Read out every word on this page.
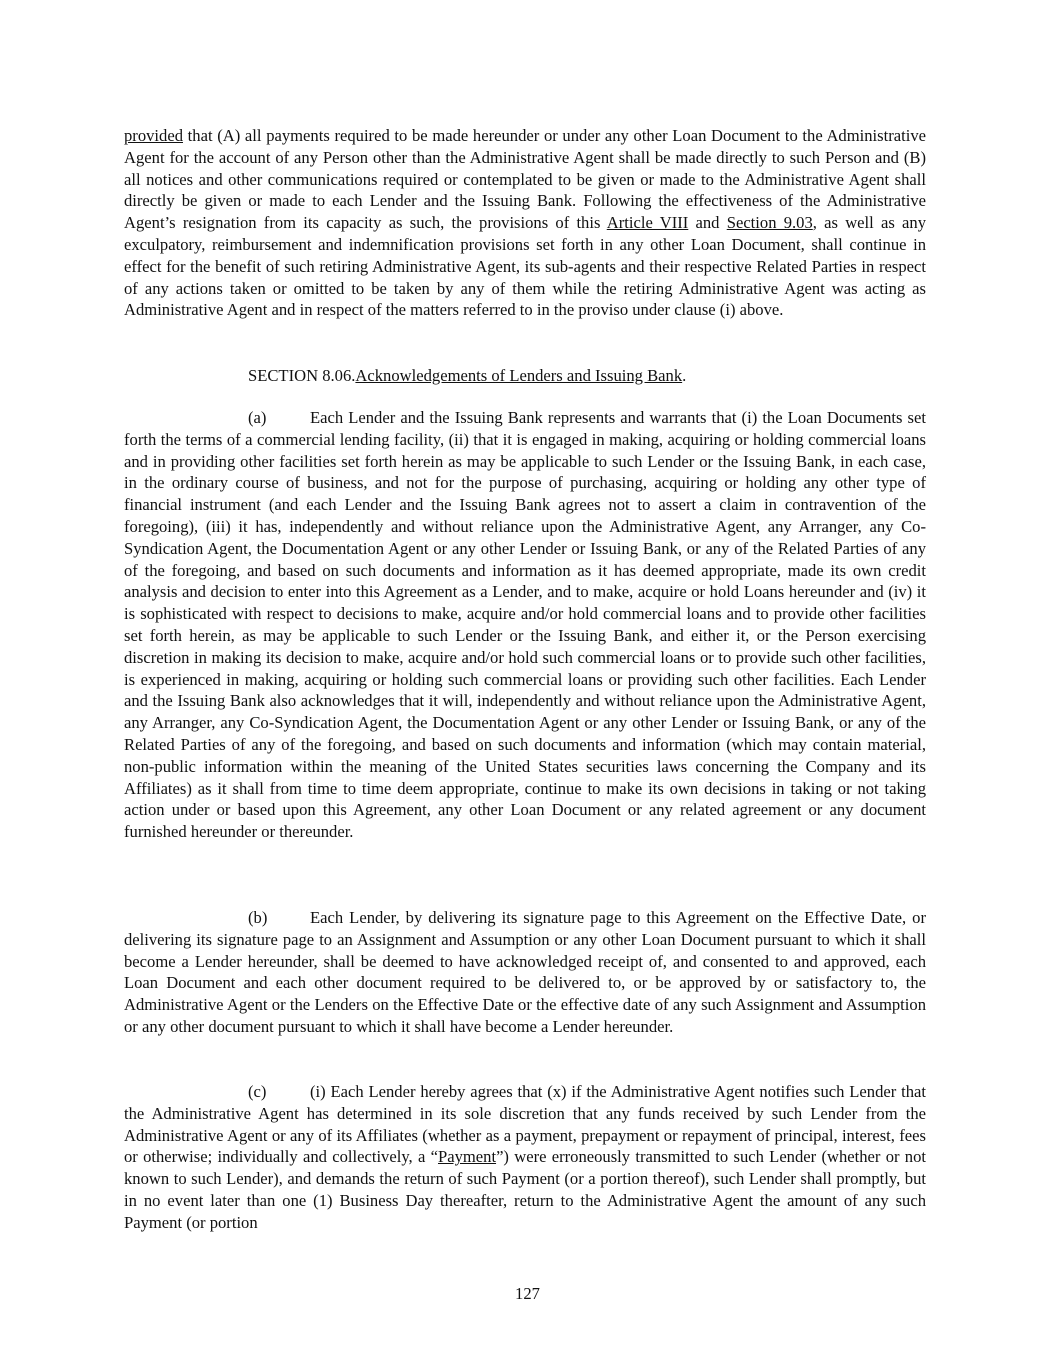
provided that (A) all payments required to be made hereunder or under any other Loan Document to the Administrative Agent for the account of any Person other than the Administrative Agent shall be made directly to such Person and (B) all notices and other communications required or contemplated to be given or made to the Administrative Agent shall directly be given or made to each Lender and the Issuing Bank. Following the effectiveness of the Administrative Agent’s resignation from its capacity as such, the provisions of this Article VIII and Section 9.03, as well as any exculpatory, reimbursement and indemnification provisions set forth in any other Loan Document, shall continue in effect for the benefit of such retiring Administrative Agent, its sub-agents and their respective Related Parties in respect of any actions taken or omitted to be taken by any of them while the retiring Administrative Agent was acting as Administrative Agent and in respect of the matters referred to in the proviso under clause (i) above.

SECTION 8.06.Acknowledgements of Lenders and Issuing Bank.

(a)	Each Lender and the Issuing Bank represents and warrants that (i) the Loan Documents set forth the terms of a commercial lending facility, (ii) that it is engaged in making, acquiring or holding commercial loans and in providing other facilities set forth herein as may be applicable to such Lender or the Issuing Bank, in each case, in the ordinary course of business, and not for the purpose of purchasing, acquiring or holding any other type of financial instrument (and each Lender and the Issuing Bank agrees not to assert a claim in contravention of the foregoing), (iii) it has, independently and without reliance upon the Administrative Agent, any Arranger, any Co-Syndication Agent, the Documentation Agent or any other Lender or Issuing Bank, or any of the Related Parties of any of the foregoing, and based on such documents and information as it has deemed appropriate, made its own credit analysis and decision to enter into this Agreement as a Lender, and to make, acquire or hold Loans hereunder and (iv) it is sophisticated with respect to decisions to make, acquire and/or hold commercial loans and to provide other facilities set forth herein, as may be applicable to such Lender or the Issuing Bank, and either it, or the Person exercising discretion in making its decision to make, acquire and/or hold such commercial loans or to provide such other facilities, is experienced in making, acquiring or holding such commercial loans or providing such other facilities. Each Lender and the Issuing Bank also acknowledges that it will, independently and without reliance upon the Administrative Agent, any Arranger, any Co-Syndication Agent, the Documentation Agent or any other Lender or Issuing Bank, or any of the Related Parties of any of the foregoing, and based on such documents and information (which may contain material, non-public information within the meaning of the United States securities laws concerning the Company and its Affiliates) as it shall from time to time deem appropriate, continue to make its own decisions in taking or not taking action under or based upon this Agreement, any other Loan Document or any related agreement or any document furnished hereunder or thereunder.

(b)	Each Lender, by delivering its signature page to this Agreement on the Effective Date, or delivering its signature page to an Assignment and Assumption or any other Loan Document pursuant to which it shall become a Lender hereunder, shall be deemed to have acknowledged receipt of, and consented to and approved, each Loan Document and each other document required to be delivered to, or be approved by or satisfactory to, the Administrative Agent or the Lenders on the Effective Date or the effective date of any such Assignment and Assumption or any other document pursuant to which it shall have become a Lender hereunder.

(c)	(i) Each Lender hereby agrees that (x) if the Administrative Agent notifies such Lender that the Administrative Agent has determined in its sole discretion that any funds received by such Lender from the Administrative Agent or any of its Affiliates (whether as a payment, prepayment or repayment of principal, interest, fees or otherwise; individually and collectively, a “Payment”) were erroneously transmitted to such Lender (whether or not known to such Lender), and demands the return of such Payment (or a portion thereof), such Lender shall promptly, but in no event later than one (1) Business Day thereafter, return to the Administrative Agent the amount of any such Payment (or portion

127
